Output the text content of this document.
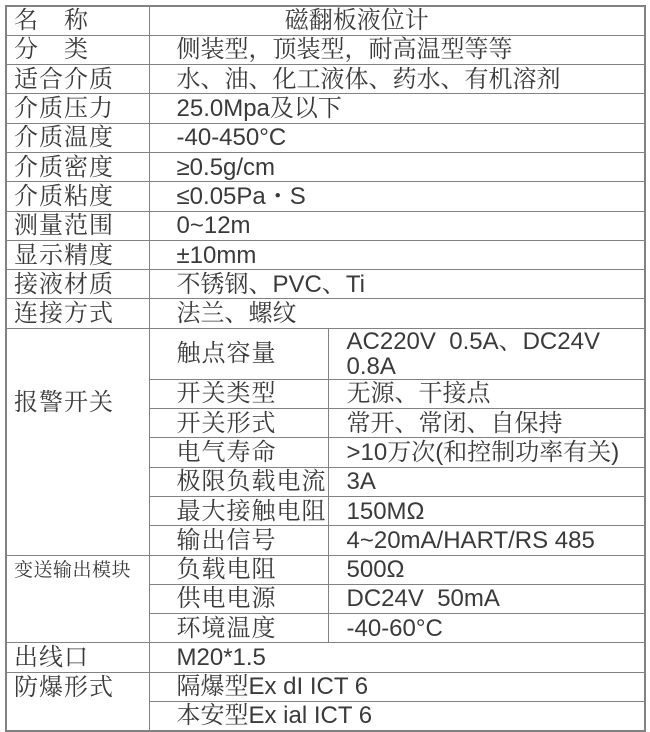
名　称	磁翻板液位计	
分　类	侧装型，顶装型，耐高温型等等	
适合介质	水、油、化工液体、药水、有机溶剂	
介质压力	25.0Mpa及以下	
介质温度	-40-450°C	
介质密度	≥0.5g/cm	
介质粘度	≤0.05Pa・S	
测量范围	0~12m	
显示精度	±10mm	
接液材质	不锈钢、PVC、Ti	
连接方式	法兰、螺纹	
报警开关	触点容量	AC220V  0.5A、DC24V  0.8A
	开关类型	无源、干接点
	开关形式	常开、常闭、自保持
	电气寿命	>10万次(和控制功率有关)
	极限负载电流	3A
	最大接触电阻	150MΩ
	输出信号	4~20mA/HART/RS 485
变送输出模块	负载电阻	500Ω
	供电电源	DC24V  50mA
	环境温度	-40-60°C
出线口	M20*1.5	
防爆形式	隔爆型Ex dI ICT 6	
	本安型Ex ial ICT 6	
